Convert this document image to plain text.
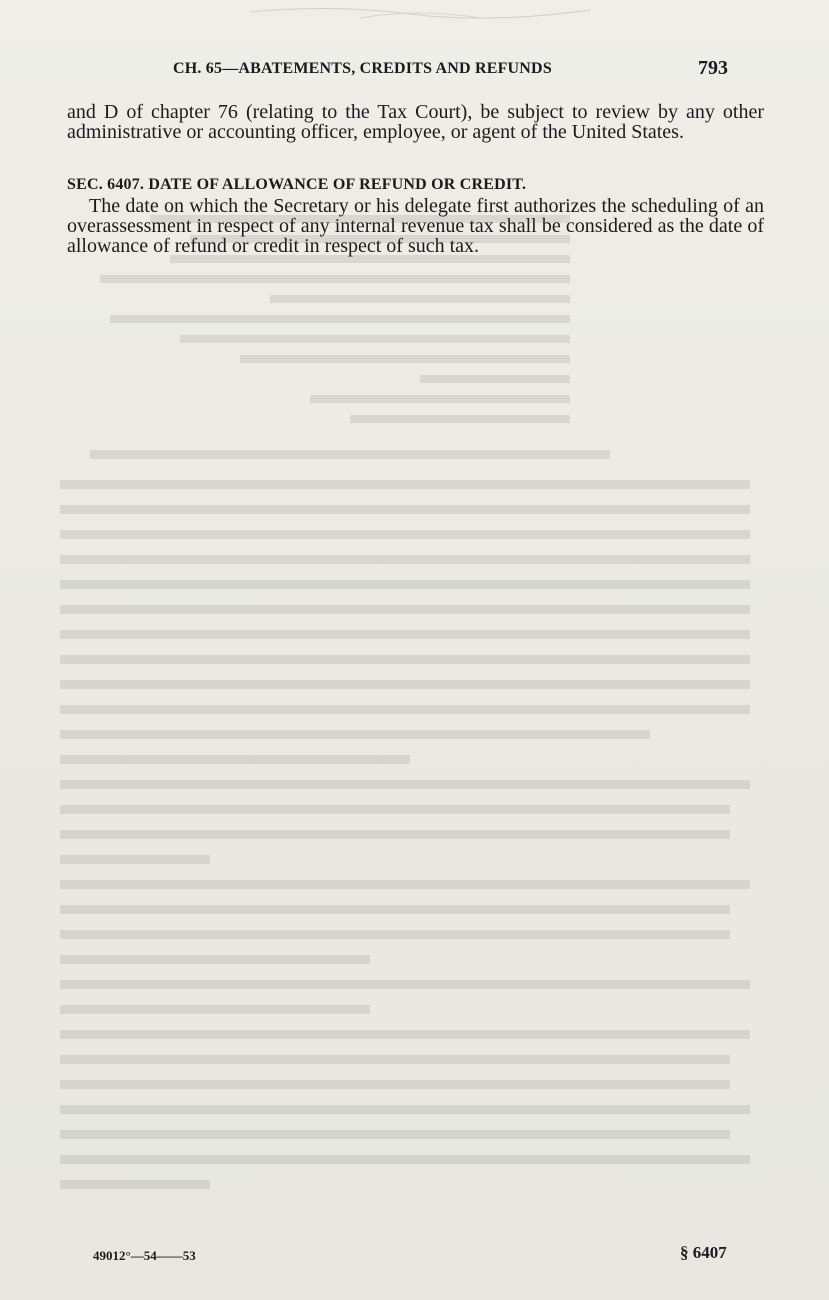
CH. 65—ABATEMENTS, CREDITS AND REFUNDS	793

and D of chapter 76 (relating to the Tax Court), be subject to review by any other administrative or accounting officer, employee, or agent of the United States.

SEC. 6407. DATE OF ALLOWANCE OF REFUND OR CREDIT.

The date on which the Secretary or his delegate first authorizes the scheduling of an overassessment in respect of any internal revenue tax shall be considered as the date of allowance of refund or credit in respect of such tax.

49012°—54——53	§ 6407
